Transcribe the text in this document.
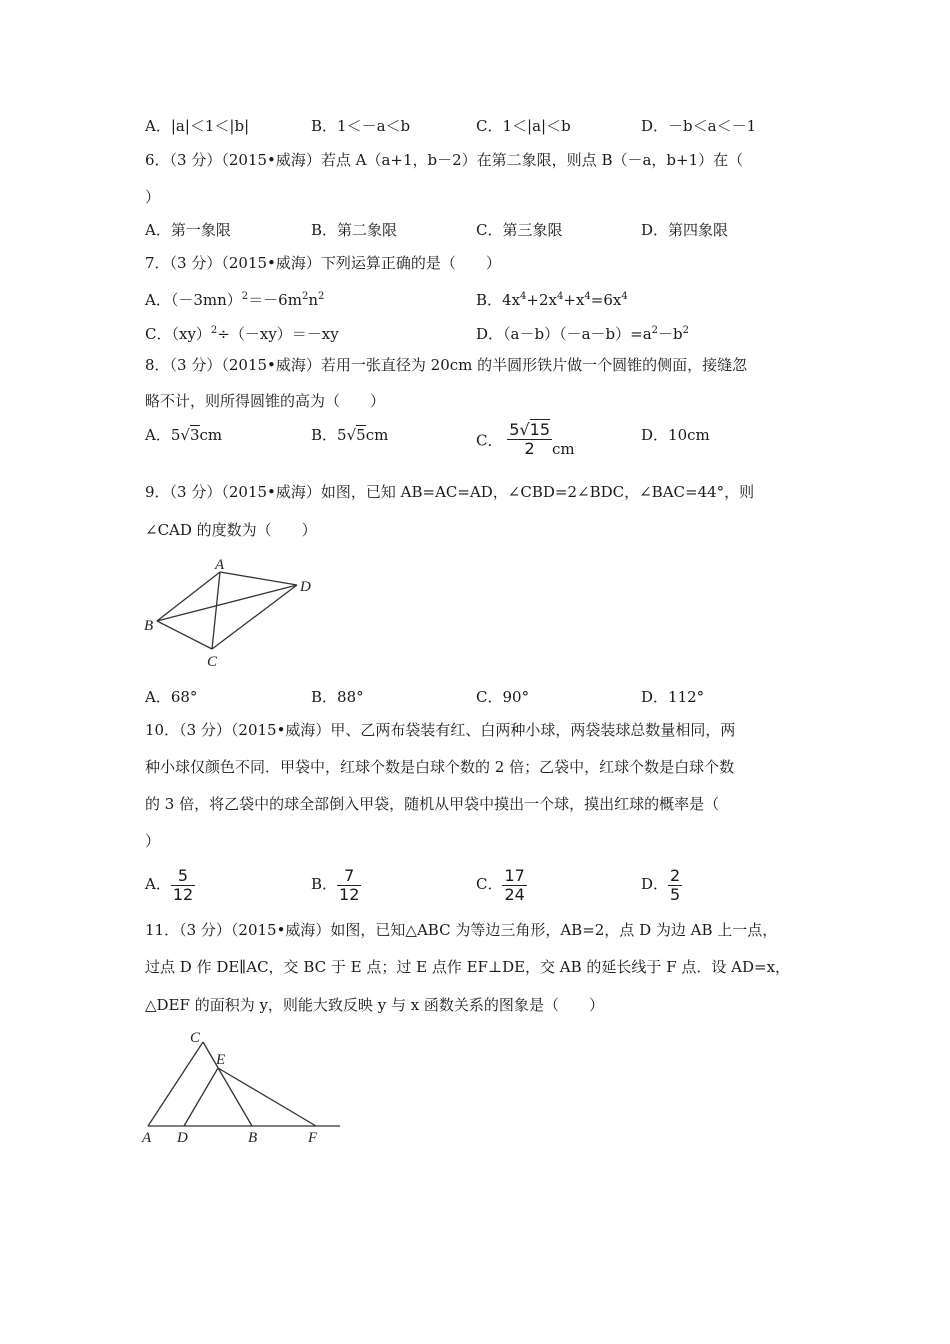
A．|a|＜1＜|b|	B．1＜－a＜b	C．1＜|a|＜b	D．－b＜a＜－1
6．（3 分）（2015•威海）若点 A（a+1，b－2）在第二象限，则点 B（－a，b+1）在（
）
A．第一象限	B．第二象限	C．第三象限	D．第四象限
7．（3 分）（2015•威海）下列运算正确的是（　　）
A．$(-3mn)^2=-6m^2n^2$	B．$4x^4+2x^4+x^4=6x^4$
C．（xy）$^2$÷（－xy）＝－xy	D．$(a-b)(-a-b)=a^2-b^2$
8．（3 分）（2015•威海）若用一张直径为 20cm 的半圆形铁片做一个圆锥的侧面，接缝忽
略不计，则所得圆锥的高为（　　）
A．5√3cm	B．5√5cm	C． $\frac{5√15}{2}$ cm
D．10cm
9．（3 分）（2015•威海）如图，已知 AB=AC=AD，∠CBD=2∠BDC，∠BAC=44°，则
∠CAD 的度数为（　　）
A
B
C
D
A．68°	B．88°	C．90°	D．112°
10．（3 分）（2015•威海）甲、乙两布袋装有红、白两种小球，两袋装球总数量相同，两
种小球仅颜色不同．甲袋中，红球个数是白球个数的 2 倍；乙袋中，红球个数是白球个数
的 3 倍，将乙袋中的球全部倒入甲袋，随机从甲袋中摸出一个球，摸出红球的概率是（
）
A． $\frac{5}{12}$	B． $\frac{7}{12}$	C． $\frac{17}{24}$	D． $\frac{2}{5}$
11．（3 分）（2015•威海）如图，已知△ABC 为等边三角形，AB=2，点 D 为边 AB 上一点，
过点 D 作 DE∥AC，交 BC 于 E 点；过 E 点作 EF⊥DE，交 AB 的延长线于 F 点．设 AD=x，
△DEF 的面积为 y，则能大致反映 y 与 x 函数关系的图象是（　　）
C
E
A D	B	F
